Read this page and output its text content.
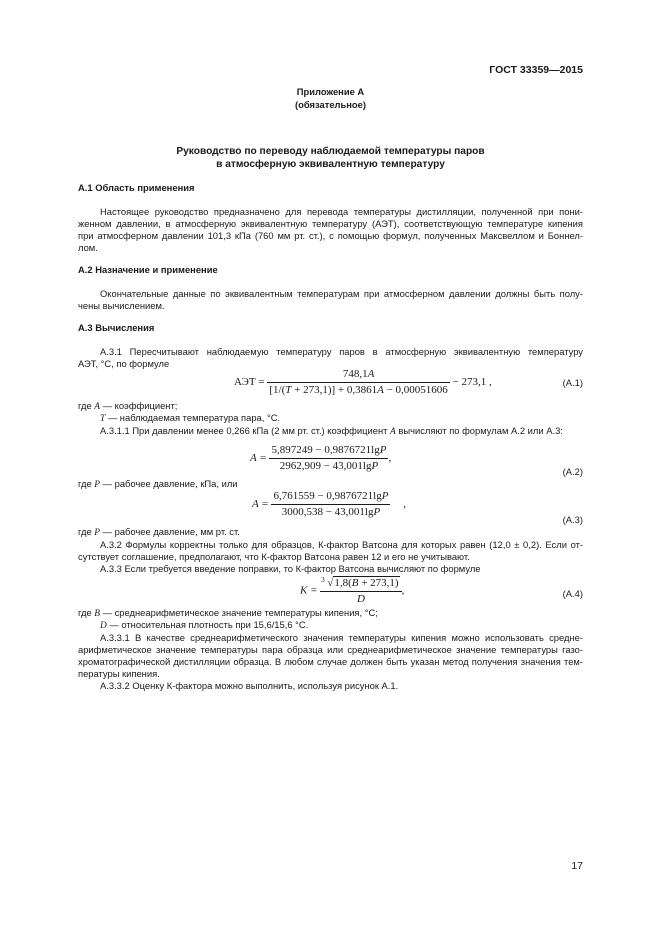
ГОСТ 33359—2015
Приложение А
(обязательное)
Руководство по переводу наблюдаемой температуры паров
в атмосферную эквивалентную температуру
А.1 Область применения
Настоящее руководство предназначено для перевода температуры дистилляции, полученной при пони-
женном давлении, в атмосферную эквивалентную температуру (АЭТ), соответствующую температуре кипения
при атмосферном давлении 101,3 кПа (760 мм рт. ст.), с помощью формул, полученных Максвеллом и Боннел-
лом.
А.2 Назначение и применение
Окончательные данные по эквивалентным температурам при атмосферном давлении должны быть полу-
чены вычислением.
А.3 Вычисления
А.3.1 Пересчитывают наблюдаемую температуру паров в атмосферную эквивалентную температуру
АЭТ, °С, по формуле
АЭТ = $\frac{748,1A}{[1/(T + 273,1)] + 0,3861A - 0,00051606} - 273,1$ ,	(А.1)
где A — коэффициент;
T — наблюдаемая температура пара, °С.
А.3.1.1 При давлении менее 0,266 кПа (2 мм рт. ст.) коэффициент A вычисляют по формулам А.2 или А.3:
$A = \frac{5,897249 - 0,9876721\lg P}{2962,909 - 43,001\lg P}$ ,
(А.2)
где P — рабочее давление, кПа, или
$A = \frac{6,761559 - 0,9876721\lg P}{3000,538 - 43,001\lg P}$ ,
(А.3)
где P — рабочее давление, мм рт. ст.
А.3.2 Формулы корректны только для образцов, К-фактор Ватсона для которых равен (12,0 ± 0,2). Если от-
сутствует соглашение, предполагают, что К-фактор Ватсона равен 12 и его не учитывают.
А.3.3 Если требуется введение поправки, то К-фактор Ватсона вычисляют по формуле
$K = \frac{3 √1,8(B + 273,1)}{D}$ ,	(А.4)
где B — среднеарифметическое значение температуры кипения, °С;
D — относительная плотность при 15,6/15,6 °С.
А.3.3.1 В качестве среднеарифметического значения температуры кипения можно использовать средне-
арифметическое значение температуры пара образца или среднеарифметическое значение температуры газо-
хроматографической дистилляции образца. В любом случае должен быть указан метод получения значения тем-
пературы кипения.
А.3.3.2 Оценку К-фактора можно выполнить, используя рисунок А.1.
17
